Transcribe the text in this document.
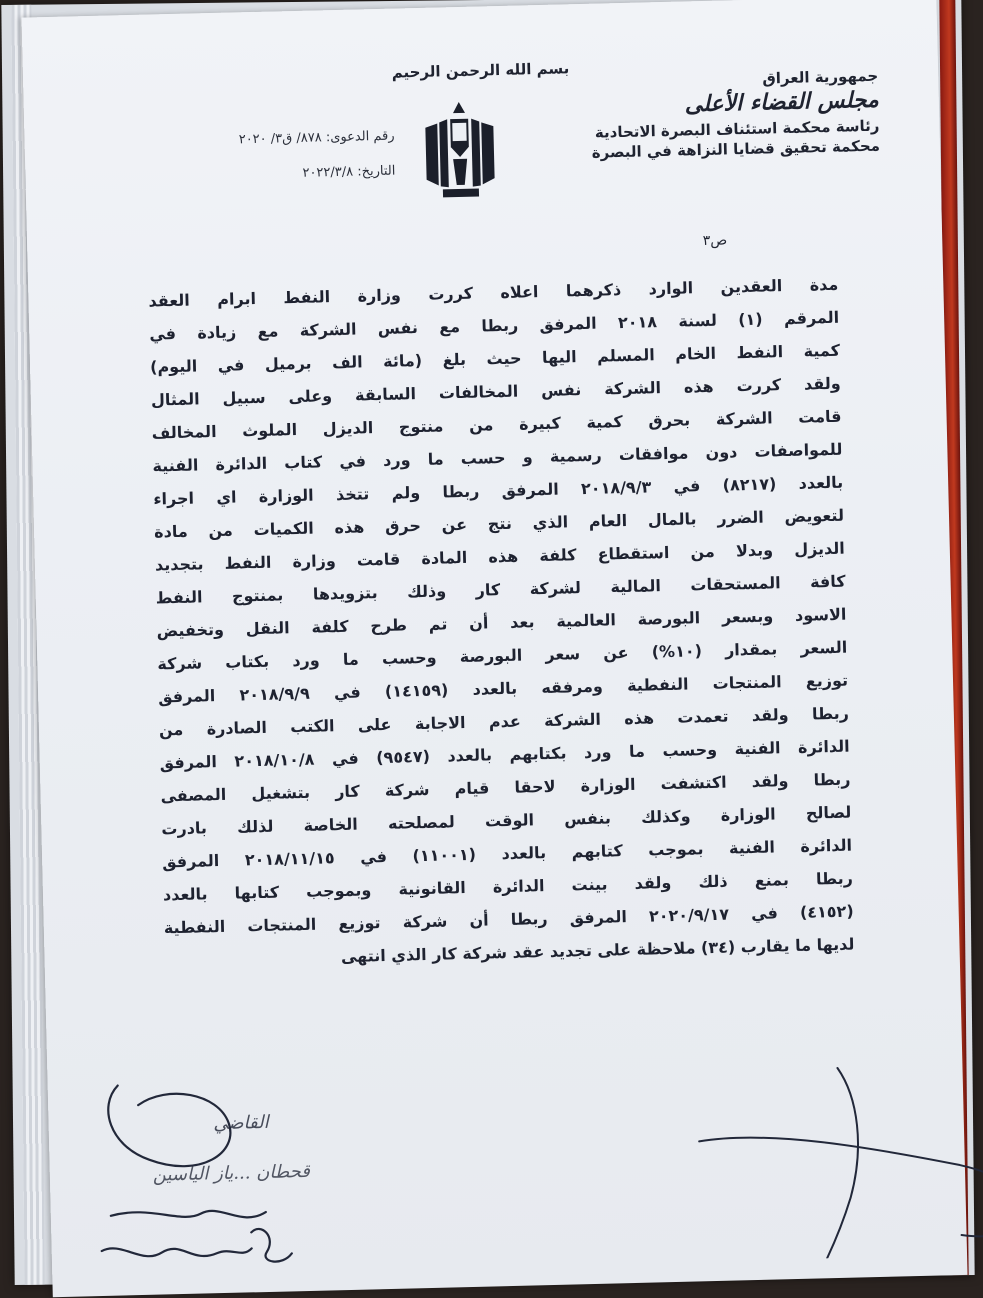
بسم الله الرحمن الرحيم	جمهورية العراق
مجلس القضاء الأعلى
رئاسة محكمة استئناف البصرة الاتحادية
محكمة تحقيق قضايا النزاهة في البصرة
رقم الدعوى: ٨٧٨/ ق٣/ ٢٠٢٠
التاريخ: ٢٠٢٢/٣/٨
ص٣
مدة العقدين الوارد ذكرهما اعلاه كررت وزارة النفط ابرام العقد
المرقم (١) لسنة ٢٠١٨ المرفق ربطا مع نفس الشركة مع زيادة في
كمية النفط الخام المسلم اليها حيث بلغ (مائة الف برميل في اليوم)
ولقد كررت هذه الشركة نفس المخالفات السابقة وعلى سبيل المثال
قامت الشركة بحرق كمية كبيرة من منتوج الديزل الملوث المخالف
للمواصفات دون موافقات رسمية و حسب ما ورد في كتاب الدائرة الفنية
بالعدد (٨٢١٧) في ٢٠١٨/٩/٣ المرفق ربطا ولم تتخذ الوزارة اي اجراء
لتعويض الضرر بالمال العام الذي نتج عن حرق هذه الكميات من مادة
الديزل وبدلا من استقطاع كلفة هذه المادة قامت وزارة النفط بتجديد
كافة المستحقات المالية لشركة كار وذلك بتزويدها بمنتوج النفط
الاسود وبسعر البورصة العالمية بعد أن تم طرح كلفة النقل وتخفيض
السعر بمقدار (١٠%) عن سعر البورصة وحسب ما ورد بكتاب شركة
توزيع المنتجات النفطية ومرفقه بالعدد (١٤١٥٩) في ٢٠١٨/٩/٩ المرفق
ربطا ولقد تعمدت هذه الشركة عدم الاجابة على الكتب الصادرة من
الدائرة الفنية وحسب ما ورد بكتابهم بالعدد (٩٥٤٧) في ٢٠١٨/١٠/٨ المرفق
ربطا ولقد اكتشفت الوزارة لاحقا قيام شركة كار بتشغيل المصفى
لصالح الوزارة وكذلك بنفس الوقت لمصلحته الخاصة لذلك بادرت
الدائرة الفنية بموجب كتابهم بالعدد (١١٠٠١) في ٢٠١٨/١١/١٥ المرفق
ربطا بمنع ذلك ولقد بينت الدائرة القانونية وبموجب كتابها بالعدد
(٤١٥٢) في ٢٠٢٠/٩/١٧ المرفق ربطا أن شركة توزيع المنتجات النفطية
لديها ما يقارب (٣٤) ملاحظة على تجديد عقد شركة كار الذي انتهى
القاضي
قحطان ...ياز الياسين
